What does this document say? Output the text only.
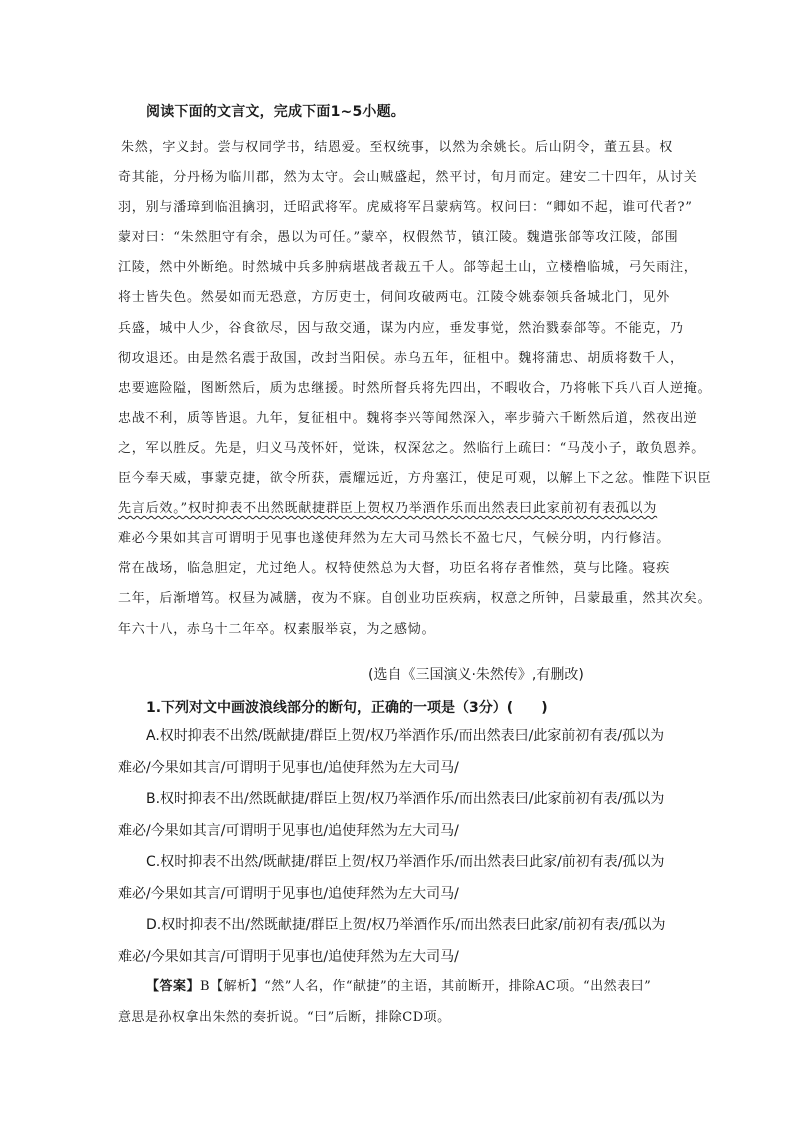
阅读下面的文言文，完成下面1~5小题。
朱然，字义封。尝与权同学书，结恩爱。至权统事，以然为余姚长。后山阴令，董五县。权
奇其能，分丹杨为临川郡，然为太守。会山贼盛起，然平讨，旬月而定。建安二十四年，从讨关
羽，别与潘璋到临沮擒羽，迁昭武将军。虎威将军吕蒙病笃。权问曰：“卿如不起，谁可代者?”
蒙对曰：“朱然胆守有余，愚以为可任。”蒙卒，权假然节，镇江陵。魏遣张郃等攻江陵，郃围
江陵，然中外断绝。时然城中兵多肿病堪战者裁五千人。郃等起土山，立楼橹临城，弓矢雨注，
将士皆失色。然晏如而无恐意，方厉吏士，伺间攻破两屯。江陵令姚泰领兵备城北门，见外
兵盛，城中人少，谷食欲尽，因与敌交通，谋为内应，垂发事觉，然治戮泰郃等。不能克，乃
彻攻退还。由是然名震于敌国，改封当阳侯。赤乌五年，征柤中。魏将蒲忠、胡质将数千人，
忠要遮险隘，图断然后，质为忠继援。时然所督兵将先四出，不暇收合，乃将帐下兵八百人逆掩。
忠战不利，质等皆退。九年，复征柤中。魏将李兴等闻然深入，率步骑六千断然后道，然夜出逆
之，军以胜反。先是，归义马茂怀奸，觉诛，权深忿之。然临行上疏曰：“马茂小子，敢负恩养。
臣今奉天威，事蒙克捷，欲令所获，震耀远近，方舟塞江，使足可观，以解上下之忿。惟陛下识臣
先言后效。”权时抑表不出然既献捷群臣上贺权乃举酒作乐而出然表曰此家前初有表孤以为
难必今果如其言可谓明于见事也遂使拜然为左大司马然长不盈七尺，气候分明，内行修洁。
常在战场，临急胆定，尤过绝人。权特使然总为大督，功臣名将存者惟然，莫与比隆。寝疾
二年，后渐增笃。权昼为减膳，夜为不寐。自创业功臣疾病，权意之所钟，吕蒙最重，然其次矣。
年六十八，赤乌十二年卒。权素服举哀，为之感恸。
(选自《三国演义·朱然传》,有删改)
1.下列对文中画波浪线部分的断句，正确的一项是（3分）(　　)
A.权时抑表不出然/既献捷/群臣上贺/权乃举酒作乐/而出然表曰/此家前初有表/孤以为
难必/今果如其言/可谓明于见事也/追使拜然为左大司马/
B.权时抑表不出/然既献捷/群臣上贺/权乃举酒作乐/而出然表曰/此家前初有表/孤以为
难必/今果如其言/可谓明于见事也/追使拜然为左大司马/
C.权时抑表不出然/既献捷/群臣上贺/权乃举酒作乐/而出然表曰此家/前初有表/孤以为
难必/今果如其言/可谓明于见事也/追使拜然为左大司马/
D.权时抑表不出/然既献捷/群臣上贺/权乃举酒作乐/而出然表曰此家/前初有表/孤以为
难必/今果如其言/可谓明于见事也/追使拜然为左大司马/
【答案】B【解析】“然”人名，作“献捷”的主语，其前断开，排除AC项。“出然表曰”
意思是孙权拿出朱然的奏折说。“曰”后断，排除CD项。
